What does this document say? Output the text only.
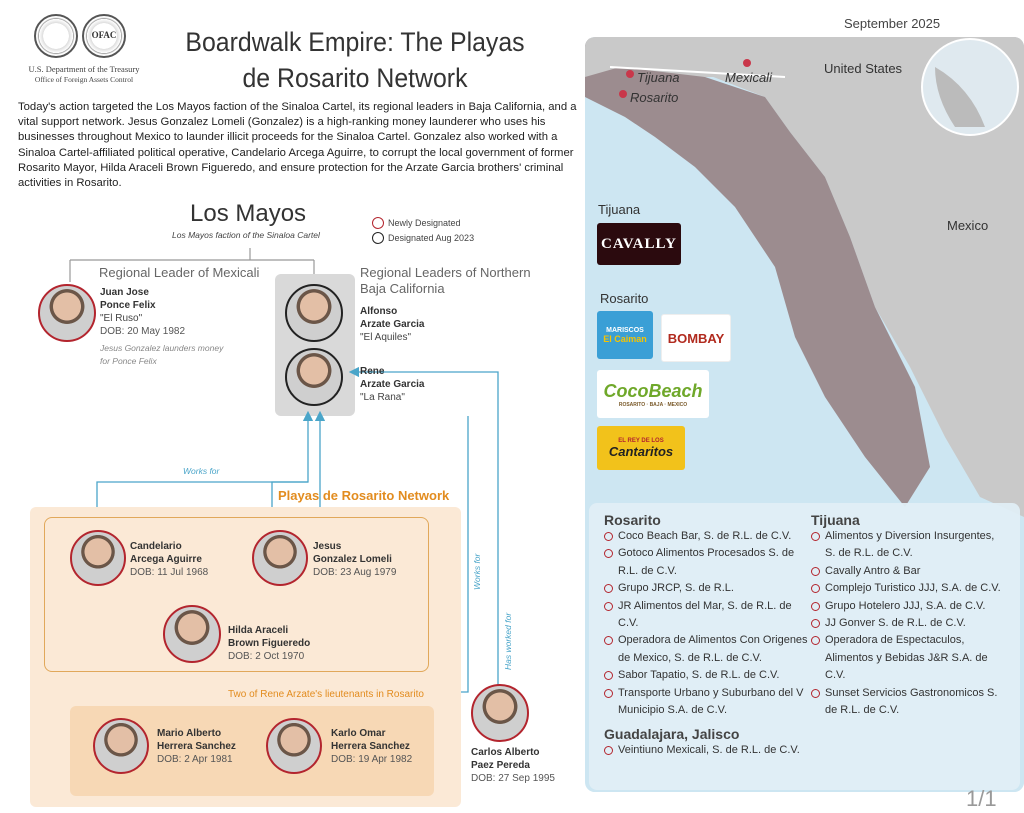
OFAC
U.S. Department of the Treasury
Office of Foreign Assets Control
Boardwalk Empire: The Playas de Rosarito Network
September 2025
Today's action targeted the Los Mayos faction of the Sinaloa Cartel, its regional leaders in Baja California, and a vital support network. Jesus Gonzalez Lomeli (Gonzalez) is a high-ranking money launderer who uses his businesses throughout Mexico to launder illicit proceeds for the Sinaloa Cartel. Gonzalez also worked with a Sinaloa Cartel-affiliated political operative, Candelario Arcega Aguirre, to corrupt the local government of former Rosarito Mayor, Hilda Araceli Brown Figueredo, and ensure protection for the Arzate Garcia brothers' criminal activities in Rosarito.
Los Mayos
Los Mayos faction of the Sinaloa Cartel
Newly Designated
Designated Aug 2023
Regional Leader of Mexicali	Regional Leaders of Northern
Baja California
Juan Jose
Ponce Felix
"El Ruso"
DOB: 20 May 1982
Jesus Gonzalez launders money
for Ponce Felix
Alfonso
Arzate Garcia
"El Aquiles"
Rene
Arzate Garcia
"La Rana"
Works for
Works for
Has worked for
Playas de Rosarito Network
Candelario
Arcega Aguirre
DOB: 11 Jul 1968
Jesus
Gonzalez Lomeli
DOB: 23 Aug 1979
Hilda Araceli
Brown Figueredo
DOB: 2 Oct 1970
Two of Rene Arzate's lieutenants in Rosarito
Mario Alberto
Herrera Sanchez
DOB: 2 Apr 1981
Karlo Omar
Herrera Sanchez
DOB: 19 Apr 1982
Carlos Alberto
Paez Pereda
DOB: 27 Sep 1995
Tijuana
Rosarito
Mexicali
United States
Mexico
Tijuana
Rosarito
CAVALLY
MARISCOS
El Caiman	BOMBAY
CocoBeach
ROSARITO · BAJA · MEXICO
EL REY DE LOS
Cantaritos
Rosarito
Coco Beach Bar, S. de R.L. de C.V.
Gotoco Alimentos Procesados S. de R.L. de C.V.
Grupo JRCP, S. de R.L.
JR Alimentos del Mar, S. de R.L. de C.V.
Operadora de Alimentos Con Origenes de Mexico, S. de R.L. de C.V.
Sabor Tapatio, S. de R.L. de C.V.
Transporte Urbano y Suburbano del V Municipio S.A. de C.V.
Guadalajara, Jalisco
Veintiuno Mexicali, S. de R.L. de C.V.
Tijuana
Alimentos y Diversion Insurgentes, S. de R.L. de C.V.
Cavally Antro & Bar
Complejo Turistico JJJ, S.A. de C.V.
Grupo Hotelero JJJ, S.A. de C.V.
JJ Gonver S. de R.L. de C.V.
Operadora de Espectaculos, Alimentos y Bebidas J&R S.A. de C.V.
Sunset Servicios Gastronomicos S. de R.L. de C.V.
1/1
